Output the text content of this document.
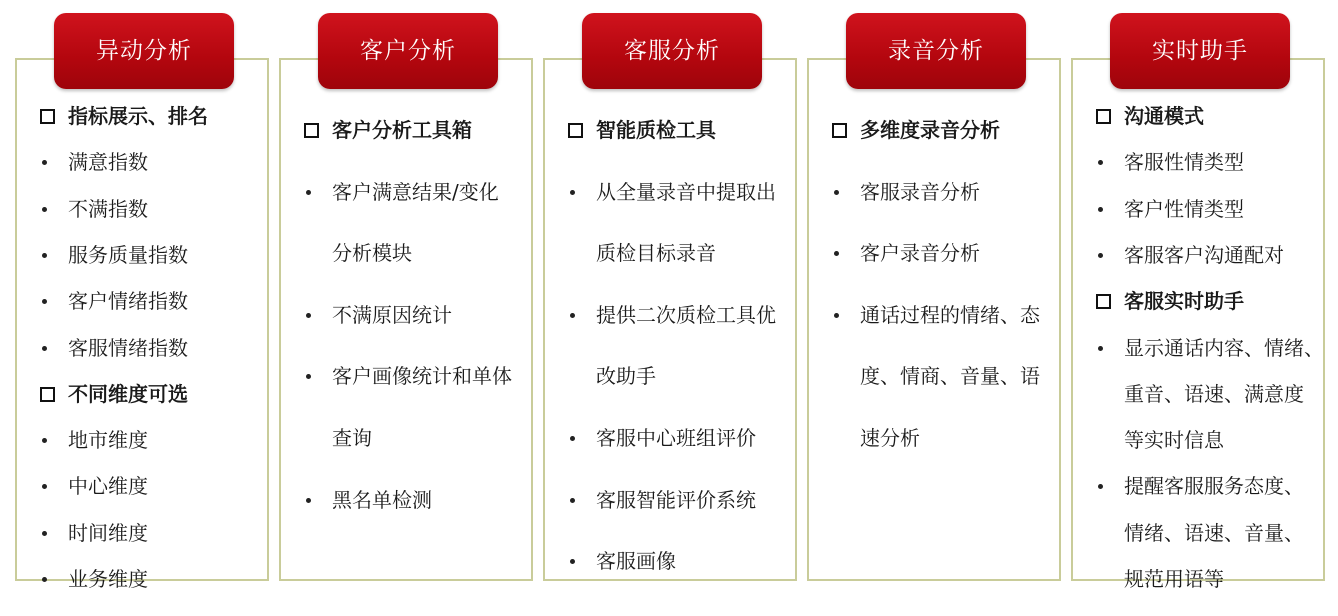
异动分析
指标展示、排名
满意指数
不满指数
服务质量指数
客户情绪指数
客服情绪指数
不同维度可选
地市维度
中心维度
时间维度
业务维度
客户分析
客户分析工具箱
客户满意结果/变化
分析模块
不满原因统计
客户画像统计和单体
查询
黑名单检测
客服分析
智能质检工具
从全量录音中提取出
质检目标录音
提供二次质检工具优
改助手
客服中心班组评价
客服智能评价系统
客服画像
录音分析
多维度录音分析
客服录音分析
客户录音分析
通话过程的情绪、态
度、情商、音量、语
速分析
实时助手
沟通模式
客服性情类型
客户性情类型
客服客户沟通配对
客服实时助手
显示通话内容、情绪、
重音、语速、满意度
等实时信息
提醒客服服务态度、
情绪、语速、音量、
规范用语等
